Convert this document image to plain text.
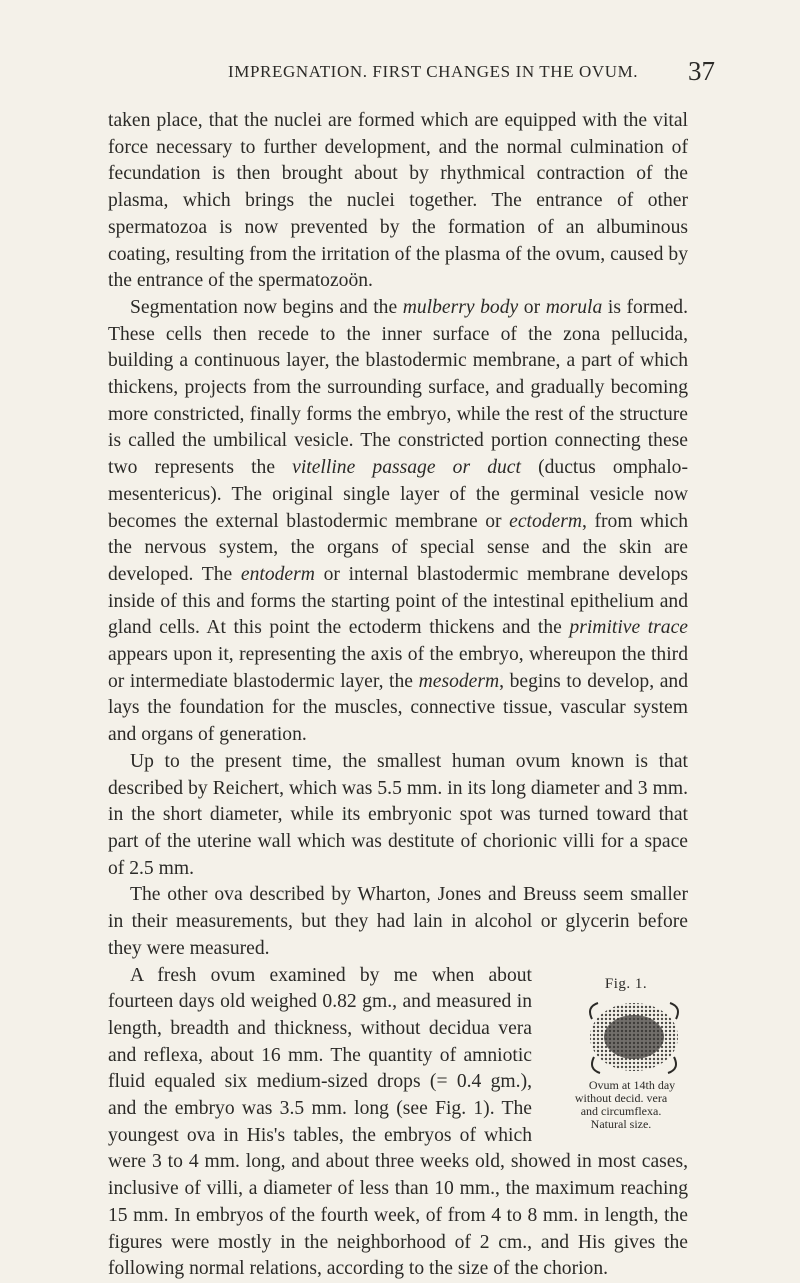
IMPREGNATION. FIRST CHANGES IN THE OVUM. 37

taken place, that the nuclei are formed which are equipped with the vital force necessary to further development, and the normal culmination of fecundation is then brought about by rhythmical contraction of the plasma, which brings the nuclei together. The entrance of other spermatozoa is now prevented by the formation of an albuminous coating, resulting from the irritation of the plasma of the ovum, caused by the entrance of the spermatozoön.

Segmentation now begins and the mulberry body or morula is formed. These cells then recede to the inner surface of the zona pellucida, building a continuous layer, the blastodermic membrane, a part of which thickens, projects from the surrounding surface, and gradually becoming more constricted, finally forms the embryo, while the rest of the structure is called the umbilical vesicle. The constricted portion connecting these two represents the vitelline passage or duct (ductus omphalo-mesentericus). The original single layer of the germinal vesicle now becomes the external blastodermic membrane or ectoderm, from which the nervous system, the organs of special sense and the skin are developed. The entoderm or internal blastodermic membrane develops inside of this and forms the starting point of the intestinal epithelium and gland cells. At this point the ectoderm thickens and the primitive trace appears upon it, representing the axis of the embryo, whereupon the third or intermediate blastodermic layer, the mesoderm, begins to develop, and lays the foundation for the muscles, connective tissue, vascular system and organs of generation.

Up to the present time, the smallest human ovum known is that described by Reichert, which was 5.5 mm. in its long diameter and 3 mm. in the short diameter, while its embryonic spot was turned toward that part of the uterine wall which was destitute of chorionic villi for a space of 2.5 mm.

The other ova described by Wharton, Jones and Breuss seem smaller in their measurements, but they had lain in alcohol or glycerin before they were measured.

Fig. 1.
Ovum at 14th day
without decid. vera
and circumflexa.
Natural size.
A fresh ovum examined by me when about fourteen days old weighed 0.82 gm., and measured in length, breadth and thickness, without decidua vera and reflexa, about 16 mm. The quantity of amniotic fluid equaled six medium-sized drops (= 0.4 gm.), and the embryo was 3.5 mm. long (see Fig. 1). The youngest ova in His's tables, the embryos of which were 3 to 4 mm. long, and about three weeks old, showed in most cases, inclusive of villi, a diameter of less than 10 mm., the maximum reaching 15 mm. In embryos of the fourth week, of from 4 to 8 mm. in length, the figures were mostly in the neighborhood of 2 cm., and His gives the following normal relations, according to the size of the chorion.
